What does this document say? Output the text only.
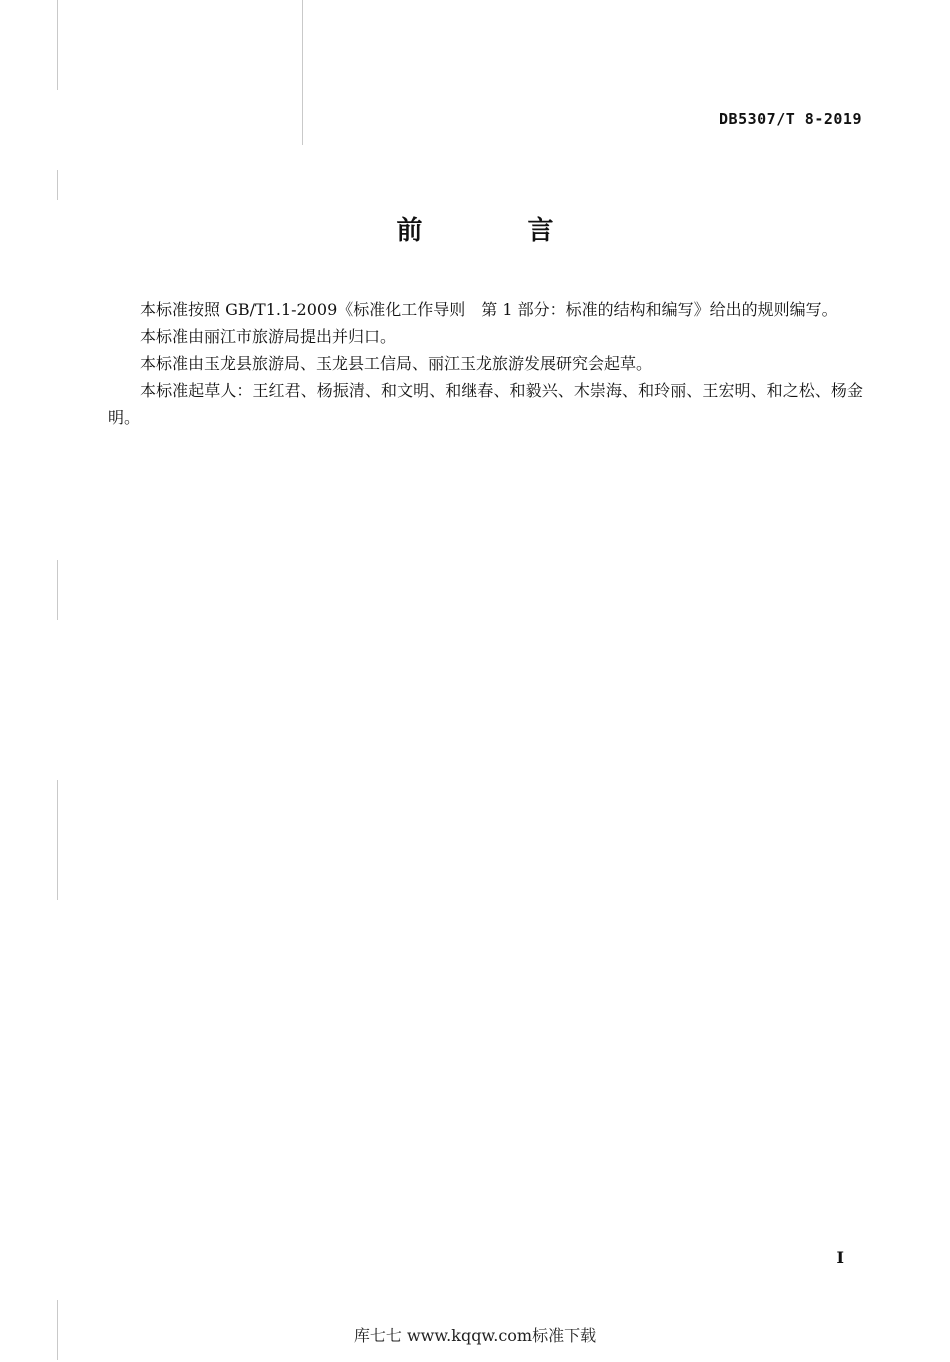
DB5307/T 8-2019
前 言

本标准按照 GB/T1.1-2009《标准化工作导则　第 1 部分：标准的结构和编写》给出的规则编写。

本标准由丽江市旅游局提出并归口。

本标准由玉龙县旅游局、玉龙县工信局、丽江玉龙旅游发展研究会起草。

本标准起草人：王红君、杨振清、和文明、和继春、和毅兴、木崇海、和玲丽、王宏明、和之松、杨金明。

I
库七七 www.kqqw.com标准下载
